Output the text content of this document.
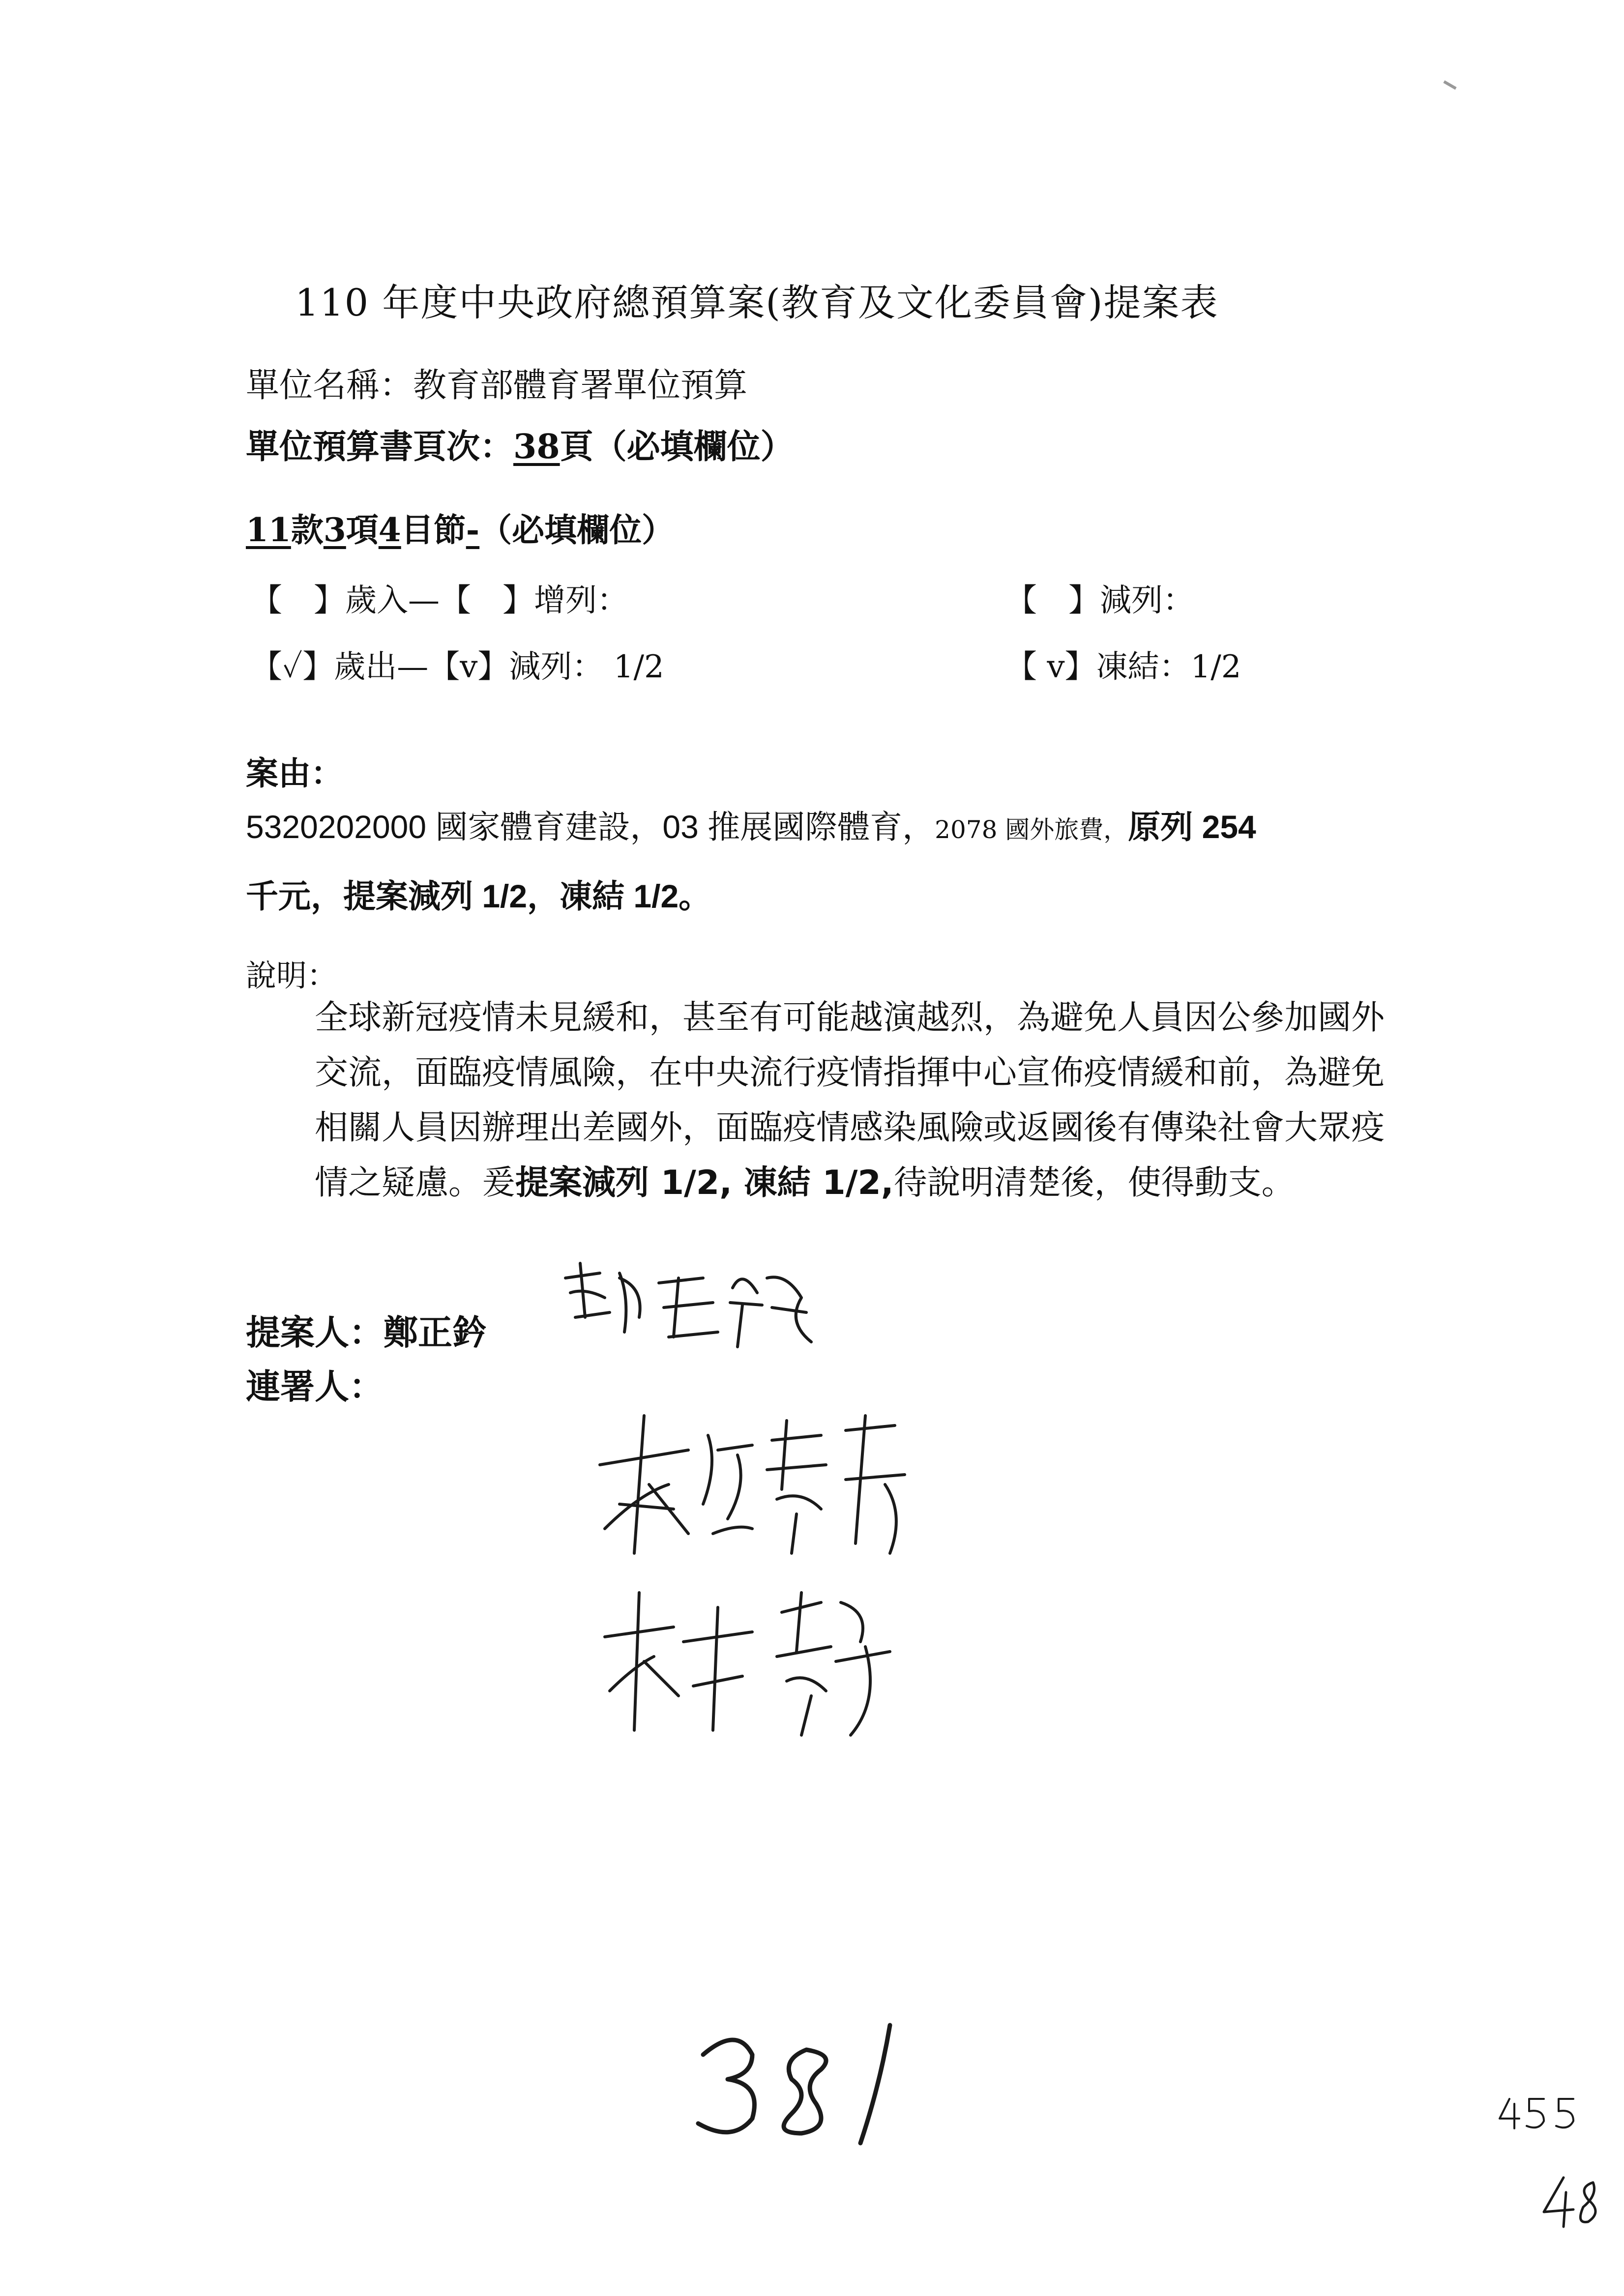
110 年度中央政府總預算案(教育及文化委員會)提案表
單位名稱：教育部體育署單位預算
單位預算書頁次：38頁（必填欄位）
11款3項4目節-（必填欄位）
【　】歲入—【　】增列：	【　】減列：
【✓】歲出—【v】減列： 1/2	【 v】凍結：1/2
案由：
5320202000 國家體育建設，03 推展國際體育，2078 國外旅費，原列 254
千元，提案減列 1/2，凍結 1/2。
說明：
全球新冠疫情未見緩和，甚至有可能越演越烈，為避免人員因公參加國外交流，面臨疫情風險，在中央流行疫情指揮中心宣佈疫情緩和前，為避免相關人員因辦理出差國外，面臨疫情感染風險或返國後有傳染社會大眾疫情之疑慮。爰提案減列 1/2, 凍結 1/2,待說明清楚後，使得動支。
提案人：鄭正鈐
連署人：
